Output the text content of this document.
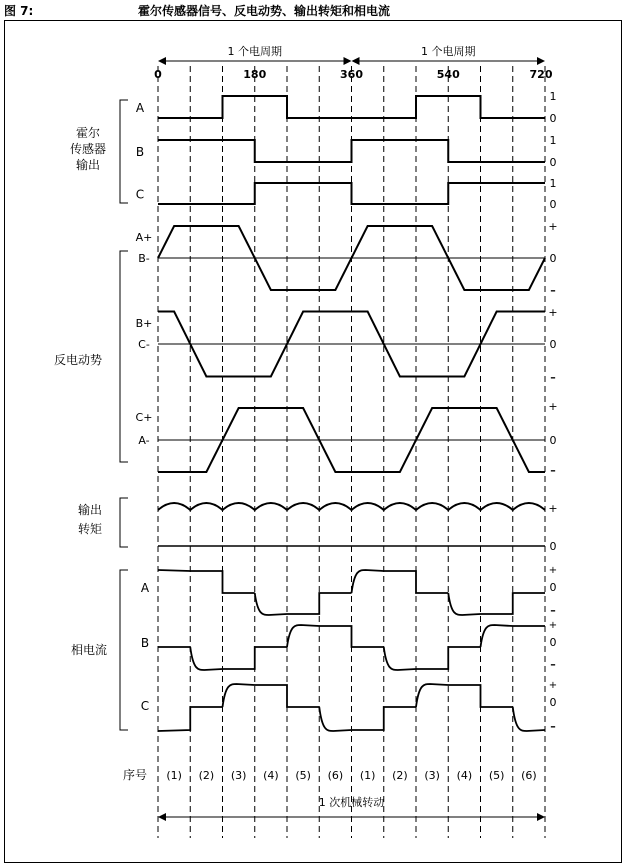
图 7:	霍尔传感器信号、反电动势、输出转矩和相电流
1 个电周期	1 个电周期
0	180	360	540	720
霍尔
传感器
输出
反电动势
输出
转矩
相电流
A
1
0
B
1
0
C
1
0
A+
B-
+
0
–
B+
C-
+
0
–
C+
A-
+
0
–
+
0
A
+
0
–
B
+
0
–
C
+
0
–
序号 (1) (2) (3) (4) (5) (6) (1) (2) (3) (4) (5) (6)
1 次机械转动
